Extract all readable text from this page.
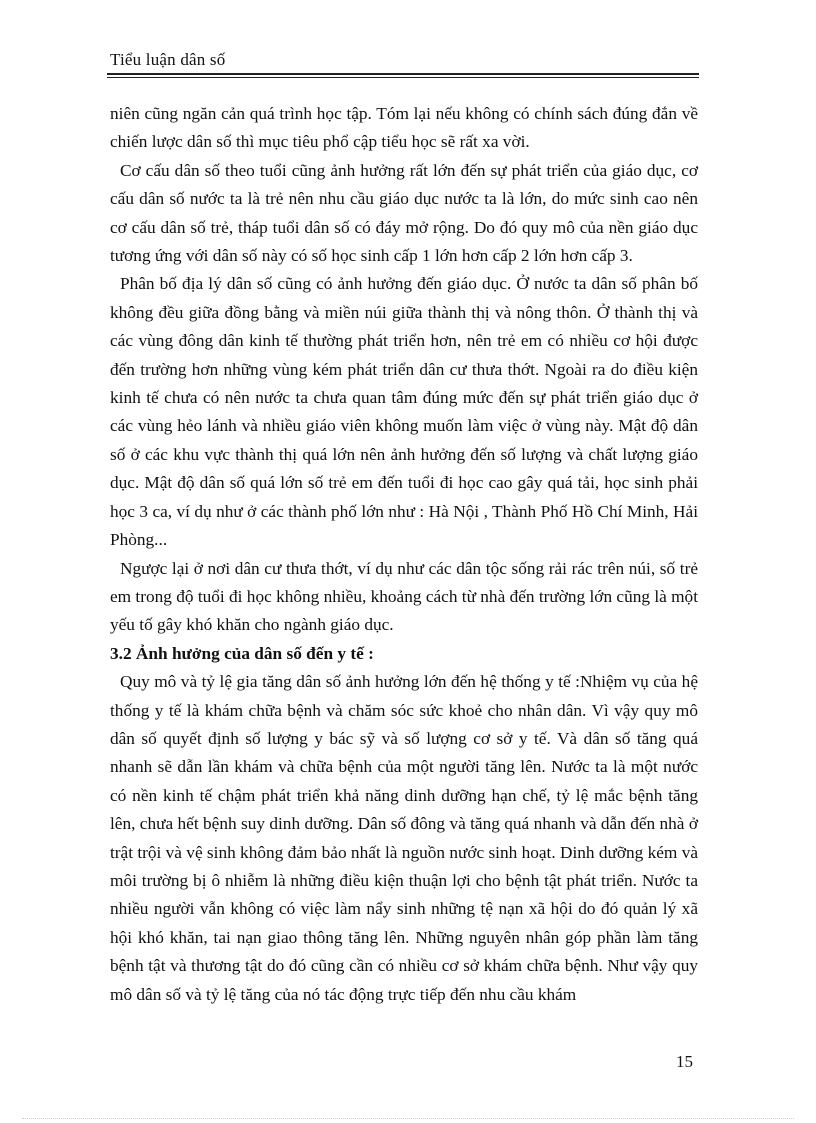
Tiểu luận dân số

niên cũng ngăn cản quá trình học tập. Tóm lại nếu không có chính sách đúng đắn về chiến lược dân số thì mục tiêu phổ cập tiểu học sẽ rất xa vời.

Cơ cấu dân số theo tuổi cũng ảnh hưởng rất lớn đến sự phát triển của giáo dục, cơ cấu dân số nước ta là trẻ nên nhu cầu giáo dục nước ta là lớn, do mức sinh cao nên cơ cấu dân số trẻ, tháp tuổi dân số có đáy mở rộng. Do đó quy mô của nền giáo dục tương ứng với dân số này có số học sinh cấp 1 lớn hơn cấp 2 lớn hơn cấp 3.

Phân bố địa lý dân số cũng có ảnh hưởng đến giáo dục. Ở nước ta dân số phân bố không đều giữa đồng bằng và miền núi giữa thành thị và nông thôn. Ở thành thị và các vùng đông dân kinh tế thường phát triển hơn, nên trẻ em có nhiều cơ hội được đến trường hơn những vùng kém phát triển dân cư thưa thớt. Ngoài ra do điều kiện kinh tế chưa có nên nước ta chưa quan tâm đúng mức đến sự phát triển giáo dục ở các vùng hẻo lánh và nhiều giáo viên không muốn làm việc ở vùng này. Mật độ dân số ở các khu vực thành thị quá lớn nên ảnh hưởng đến số lượng và chất lượng giáo dục. Mật độ dân số quá lớn số trẻ em đến tuổi đi học cao gây quá tải, học sinh phải học 3 ca, ví dụ như ở các thành phố lớn như : Hà Nội , Thành Phố Hồ Chí Minh, Hải Phòng...

Ngược lại ở nơi dân cư thưa thớt, ví dụ như các dân tộc sống rải rác trên núi, số trẻ em trong độ tuổi đi học không nhiều, khoảng cách từ nhà đến trường lớn cũng là một yếu tố gây khó khăn cho ngành giáo dục.

3.2 Ảnh hưởng của dân số đến y tế :

Quy mô và tỷ lệ gia tăng dân số ảnh hưởng lớn đến hệ thống y tế :Nhiệm vụ của hệ thống y tế là khám chữa bệnh và chăm sóc sức khoẻ cho nhân dân. Vì vậy quy mô dân số quyết định số lượng y bác sỹ và số lượng cơ sở y tế. Và dân số tăng quá nhanh sẽ dẫn lần khám và chữa bệnh của một người tăng lên. Nước ta là một nước có nền kinh tế chậm phát triển khả năng dinh dưỡng hạn chế, tỷ lệ mắc bệnh tăng lên, chưa hết bệnh suy dinh dưỡng. Dân số đông và tăng quá nhanh và dẫn đến nhà ở trật trội và vệ sinh không đảm bảo nhất là nguồn nước sinh hoạt. Dinh dưỡng kém và môi trường bị ô nhiễm là những điều kiện thuận lợi cho bệnh tật phát triển. Nước ta nhiều người vẫn không có việc làm nẩy sinh những tệ nạn xã hội do đó quản lý xã hội khó khăn, tai nạn giao thông tăng lên. Những nguyên nhân góp phần làm tăng bệnh tật và thương tật do đó cũng cần có nhiều cơ sở khám chữa bệnh. Như vậy quy mô dân số và tỷ lệ tăng của nó tác động trực tiếp đến nhu cầu khám

15
